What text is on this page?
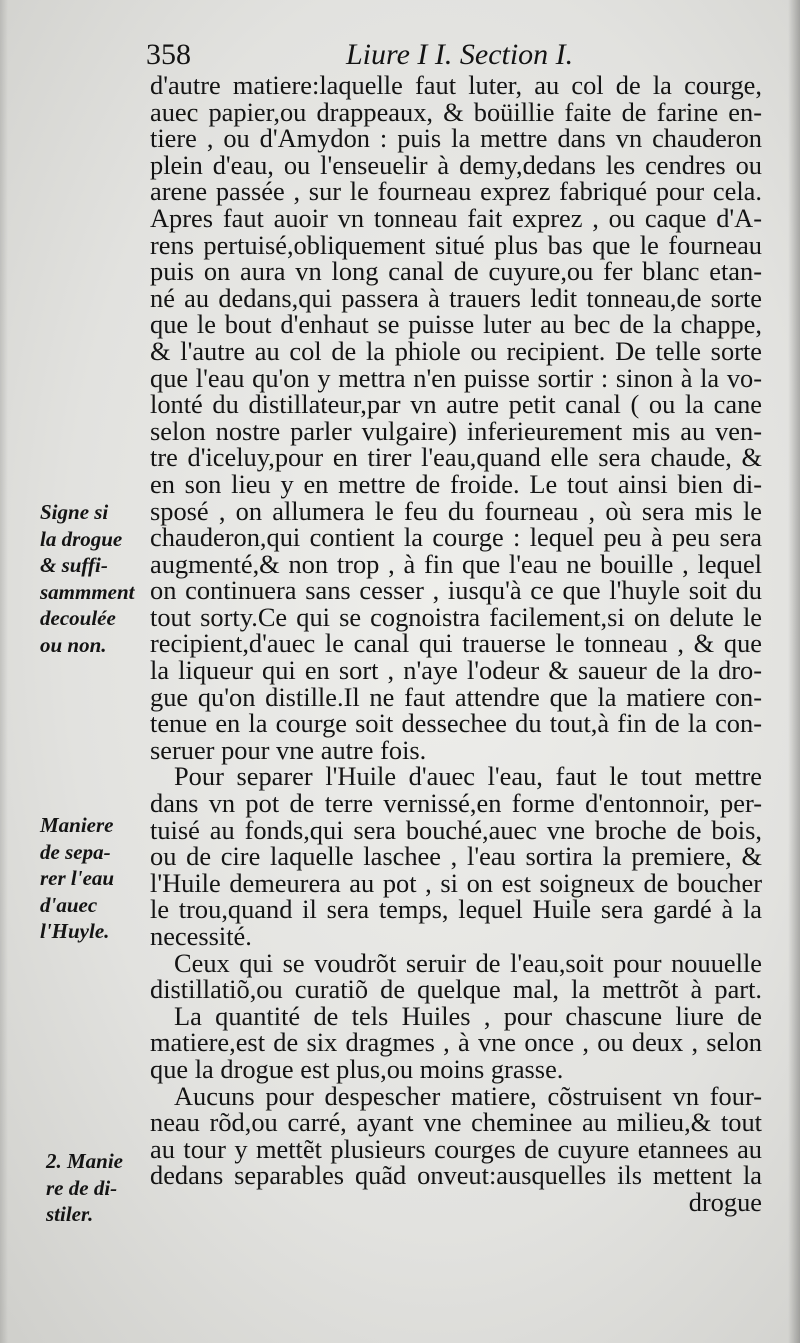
358	Liure I I. Section I.
d'autre matiere:laquelle faut luter, au col de la courge,
auec papier,ou drappeaux, & boüillie faite de farine en-
tiere , ou d'Amydon : puis la mettre dans vn chauderon
plein d'eau, ou l'enseuelir à demy,dedans les cendres ou
arene passée , sur le fourneau exprez fabriqué pour cela.
Apres faut auoir vn tonneau fait exprez , ou caque d'A-
rens pertuisé,obliquement situé plus bas que le fourneau
puis on aura vn long canal de cuyure,ou fer blanc etan-
né au dedans,qui passera à trauers ledit tonneau,de sorte
que le bout d'enhaut se puisse luter au bec de la chappe,
& l'autre au col de la phiole ou recipient. De telle sorte
que l'eau qu'on y mettra n'en puisse sortir : sinon à la vo-
lonté du distillateur,par vn autre petit canal ( ou la cane
selon nostre parler vulgaire) inferieurement mis au ven-
tre d'iceluy,pour en tirer l'eau,quand elle sera chaude, &
en son lieu y en mettre de froide. Le tout ainsi bien di-
sposé , on allumera le feu du fourneau , où sera mis le
chauderon,qui contient la courge : lequel peu à peu sera
augmenté,& non trop , à fin que l'eau ne bouille , lequel
on continuera sans cesser , iusqu'à ce que l'huyle soit du
tout sorty.Ce qui se cognoistra facilement,si on delute le
recipient,d'auec le canal qui trauerse le tonneau , & que
la liqueur qui en sort , n'aye l'odeur & saueur de la dro-
gue qu'on distille.Il ne faut attendre que la matiere con-
tenue en la courge soit dessechee du tout,à fin de la con-
seruer pour vne autre fois.
Pour separer l'Huile d'auec l'eau, faut le tout mettre
dans vn pot de terre vernissé,en forme d'entonnoir, per-
tuisé au fonds,qui sera bouché,auec vne broche de bois,
ou de cire laquelle laschee , l'eau sortira la premiere, &
l'Huile demeurera au pot , si on est soigneux de boucher
le trou,quand il sera temps, lequel Huile sera gardé à la
necessité.
Ceux qui se voudrõt seruir de l'eau,soit pour nouuelle
distillatiõ,ou curatiõ de quelque mal, la mettrõt à part.
La quantité de tels Huiles , pour chascune liure de
matiere,est de six dragmes , à vne once , ou deux , selon
que la drogue est plus,ou moins grasse.
Aucuns pour despescher matiere, cõstruisent vn four-
neau rõd,ou carré, ayant vne cheminee au milieu,& tout
au tour y mettẽt plusieurs courges de cuyure etannees au
dedans separables quãd onveut:ausquelles ils mettent la
drogue
Signe si
la drogue
& suffi-
sammment
decoulée
ou non.
Maniere
de sepa-
rer l'eau
d'auec
l'Huyle.
2. Manie
re de di-
stiler.
